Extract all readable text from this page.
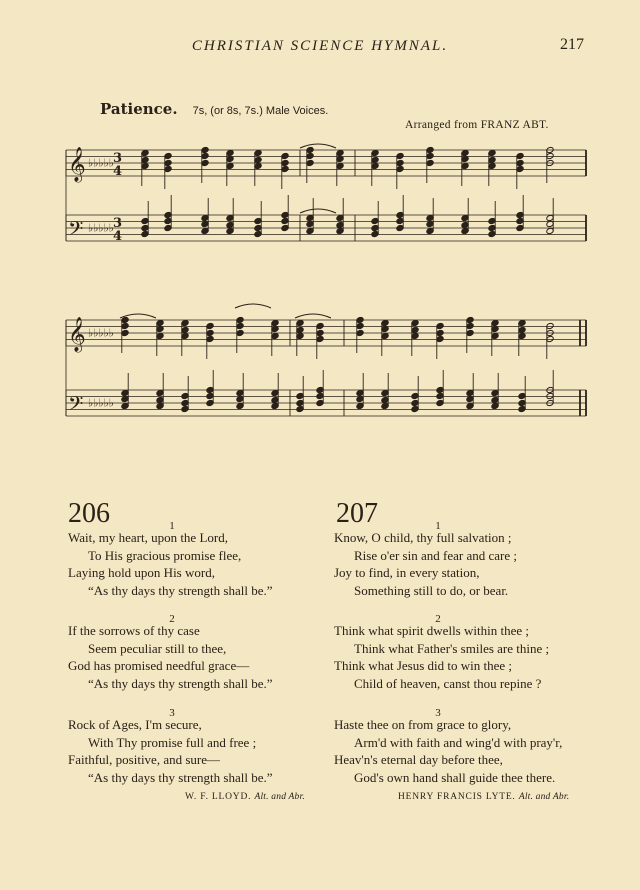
CHRISTIAN SCIENCE HYMNAL.	217
Patience. 7s, (or 8s, 7s.) Male Voices.
Arranged from FRANZ ABT.
𝄞 ♭♭♭♭♭
𝄢 ♭♭♭♭♭
𝄞 ♭♭♭♭♭
𝄢 ♭♭♭♭♭
3
4
3
4
206	1
Wait, my heart, upon the Lord,
To His gracious promise flee,
Laying hold upon His word,
“As thy days thy strength shall be.”
2
If the sorrows of thy case
Seem peculiar still to thee,
God has promised needful grace—
“As thy days thy strength shall be.”
3
Rock of Ages, I'm secure,
With Thy promise full and free ;
Faithful, positive, and sure—
“As thy days thy strength shall be.”
W. F. LLOYD. Alt. and Abr.
207	1
Know, O child, thy full salvation ;
Rise o'er sin and fear and care ;
Joy to find, in every station,
Something still to do, or bear.
2
Think what spirit dwells within thee ;
Think what Father's smiles are thine ;
Think what Jesus did to win thee ;
Child of heaven, canst thou repine ?
3
Haste thee on from grace to glory,
Arm'd with faith and wing'd with pray'r,
Heav'n's eternal day before thee,
God's own hand shall guide thee there.
HENRY FRANCIS LYTE. Alt. and Abr.
